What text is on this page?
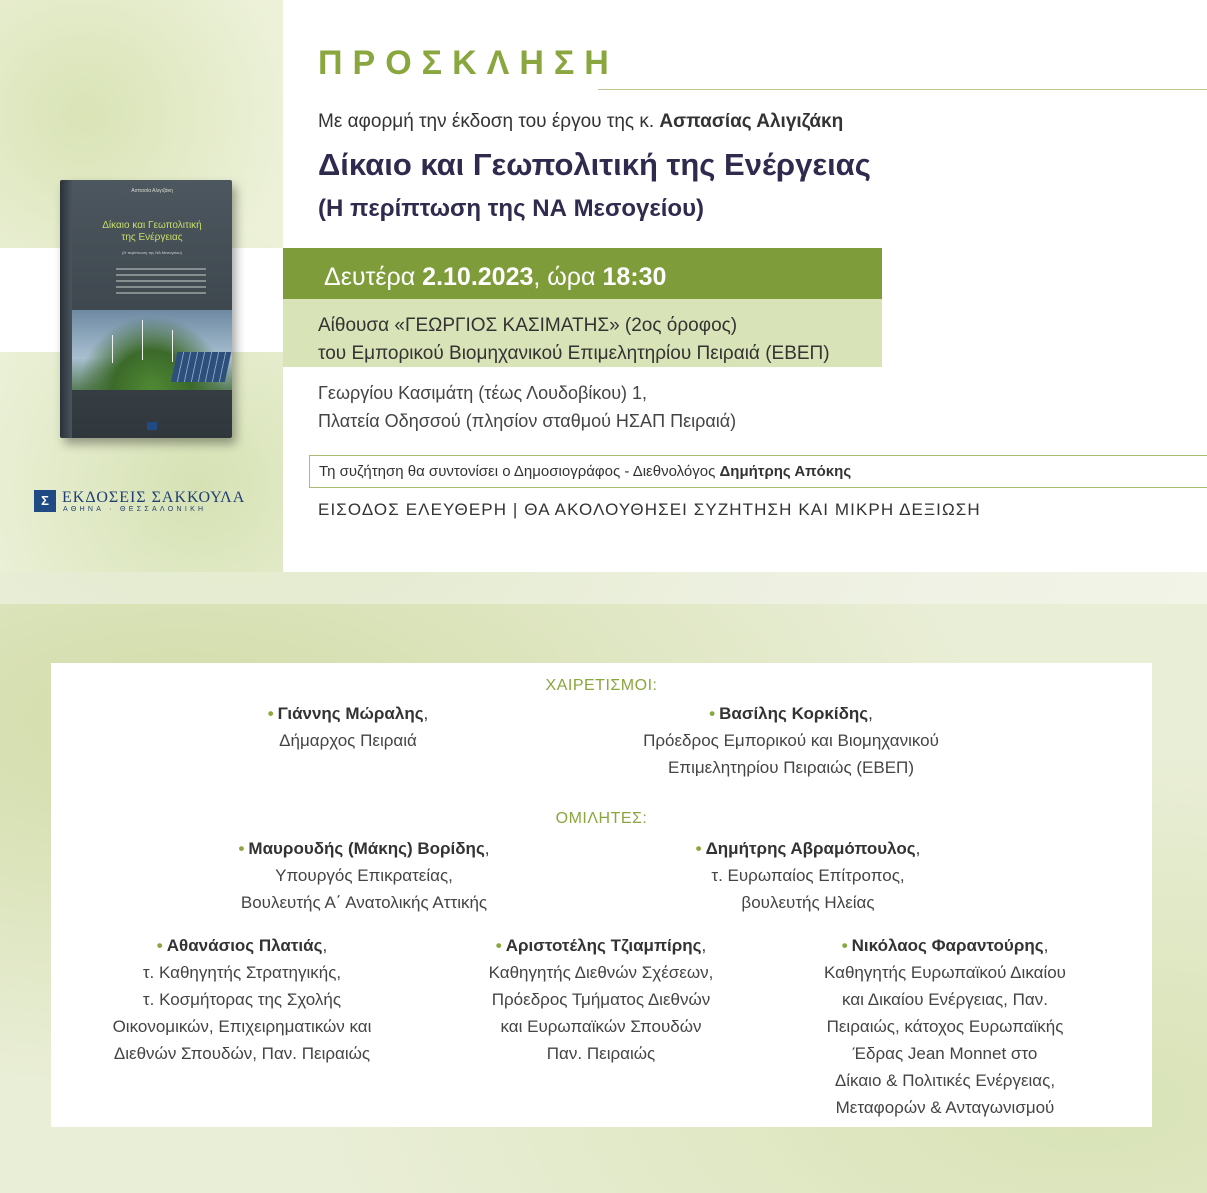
Ασπασία Αλιγιζάκη
Δίκαιο και Γεωπολιτική
της Ενέργειας
(Η περίπτωση της ΝΑ Μεσογείου)
Σ ΕΚΔΟΣΕΙΣ ΣΑΚΚΟΥΛΑ
ΑΘΗΝΑ · ΘΕΣΣΑΛΟΝΙΚΗ
ΠΡΟΣΚΛΗΣΗ
Με αφορμή την έκδοση του έργου της κ. Ασπασίας Αλιγιζάκη
Δίκαιο και Γεωπολιτική της Ενέργειας
(Η περίπτωση της ΝΑ Μεσογείου)
Δευτέρα 2.10.2023, ώρα 18:30
Αίθουσα «ΓΕΩΡΓΙΟΣ ΚΑΣΙΜΑΤΗΣ» (2ος όροφος)
του Εμπορικού Βιομηχανικού Επιμελητηρίου Πειραιά (ΕΒΕΠ)
Γεωργίου Κασιμάτη (τέως Λουδοβίκου) 1,
Πλατεία Οδησσού (πλησίον σταθμού ΗΣΑΠ Πειραιά)
Τη συζήτηση θα συντονίσει ο Δημοσιογράφος - Διεθνολόγος Δημήτρης Απόκης
ΕΙΣΟΔΟΣ ΕΛΕΥΘΕΡΗ | ΘΑ ΑΚΟΛΟΥΘΗΣΕΙ ΣΥΖΗΤΗΣΗ ΚΑΙ ΜΙΚΡΗ ΔΕΞΙΩΣΗ
ΧΑΙΡΕΤΙΣΜΟΙ:
• Γιάννης Μώραλης,
Δήμαρχος Πειραιά
• Βασίλης Κορκίδης,
Πρόεδρος Εμπορικού και Βιομηχανικού
Επιμελητηρίου Πειραιώς (ΕΒΕΠ)
ΟΜΙΛΗΤΕΣ:
• Μαυρουδής (Μάκης) Βορίδης,
Υπουργός Επικρατείας,
Βουλευτής Α΄ Ανατολικής Αττικής
• Δημήτρης Αβραμόπουλος,
τ. Ευρωπαίος Επίτροπος,
βουλευτής Ηλείας
• Αθανάσιος Πλατιάς,
τ. Καθηγητής Στρατηγικής,
τ. Κοσμήτορας της Σχολής
Οικονομικών, Επιχειρηματικών και
Διεθνών Σπουδών, Παν. Πειραιώς
• Αριστοτέλης Τζιαμπίρης,
Καθηγητής Διεθνών Σχέσεων,
Πρόεδρος Τμήματος Διεθνών
και Ευρωπαϊκών Σπουδών
Παν. Πειραιώς
• Νικόλαος Φαραντούρης,
Καθηγητής Ευρωπαϊκού Δικαίου
και Δικαίου Ενέργειας, Παν.
Πειραιώς, κάτοχος Ευρωπαϊκής
Έδρας Jean Monnet στο
Δίκαιο & Πολιτικές Ενέργειας,
Μεταφορών & Ανταγωνισμού
